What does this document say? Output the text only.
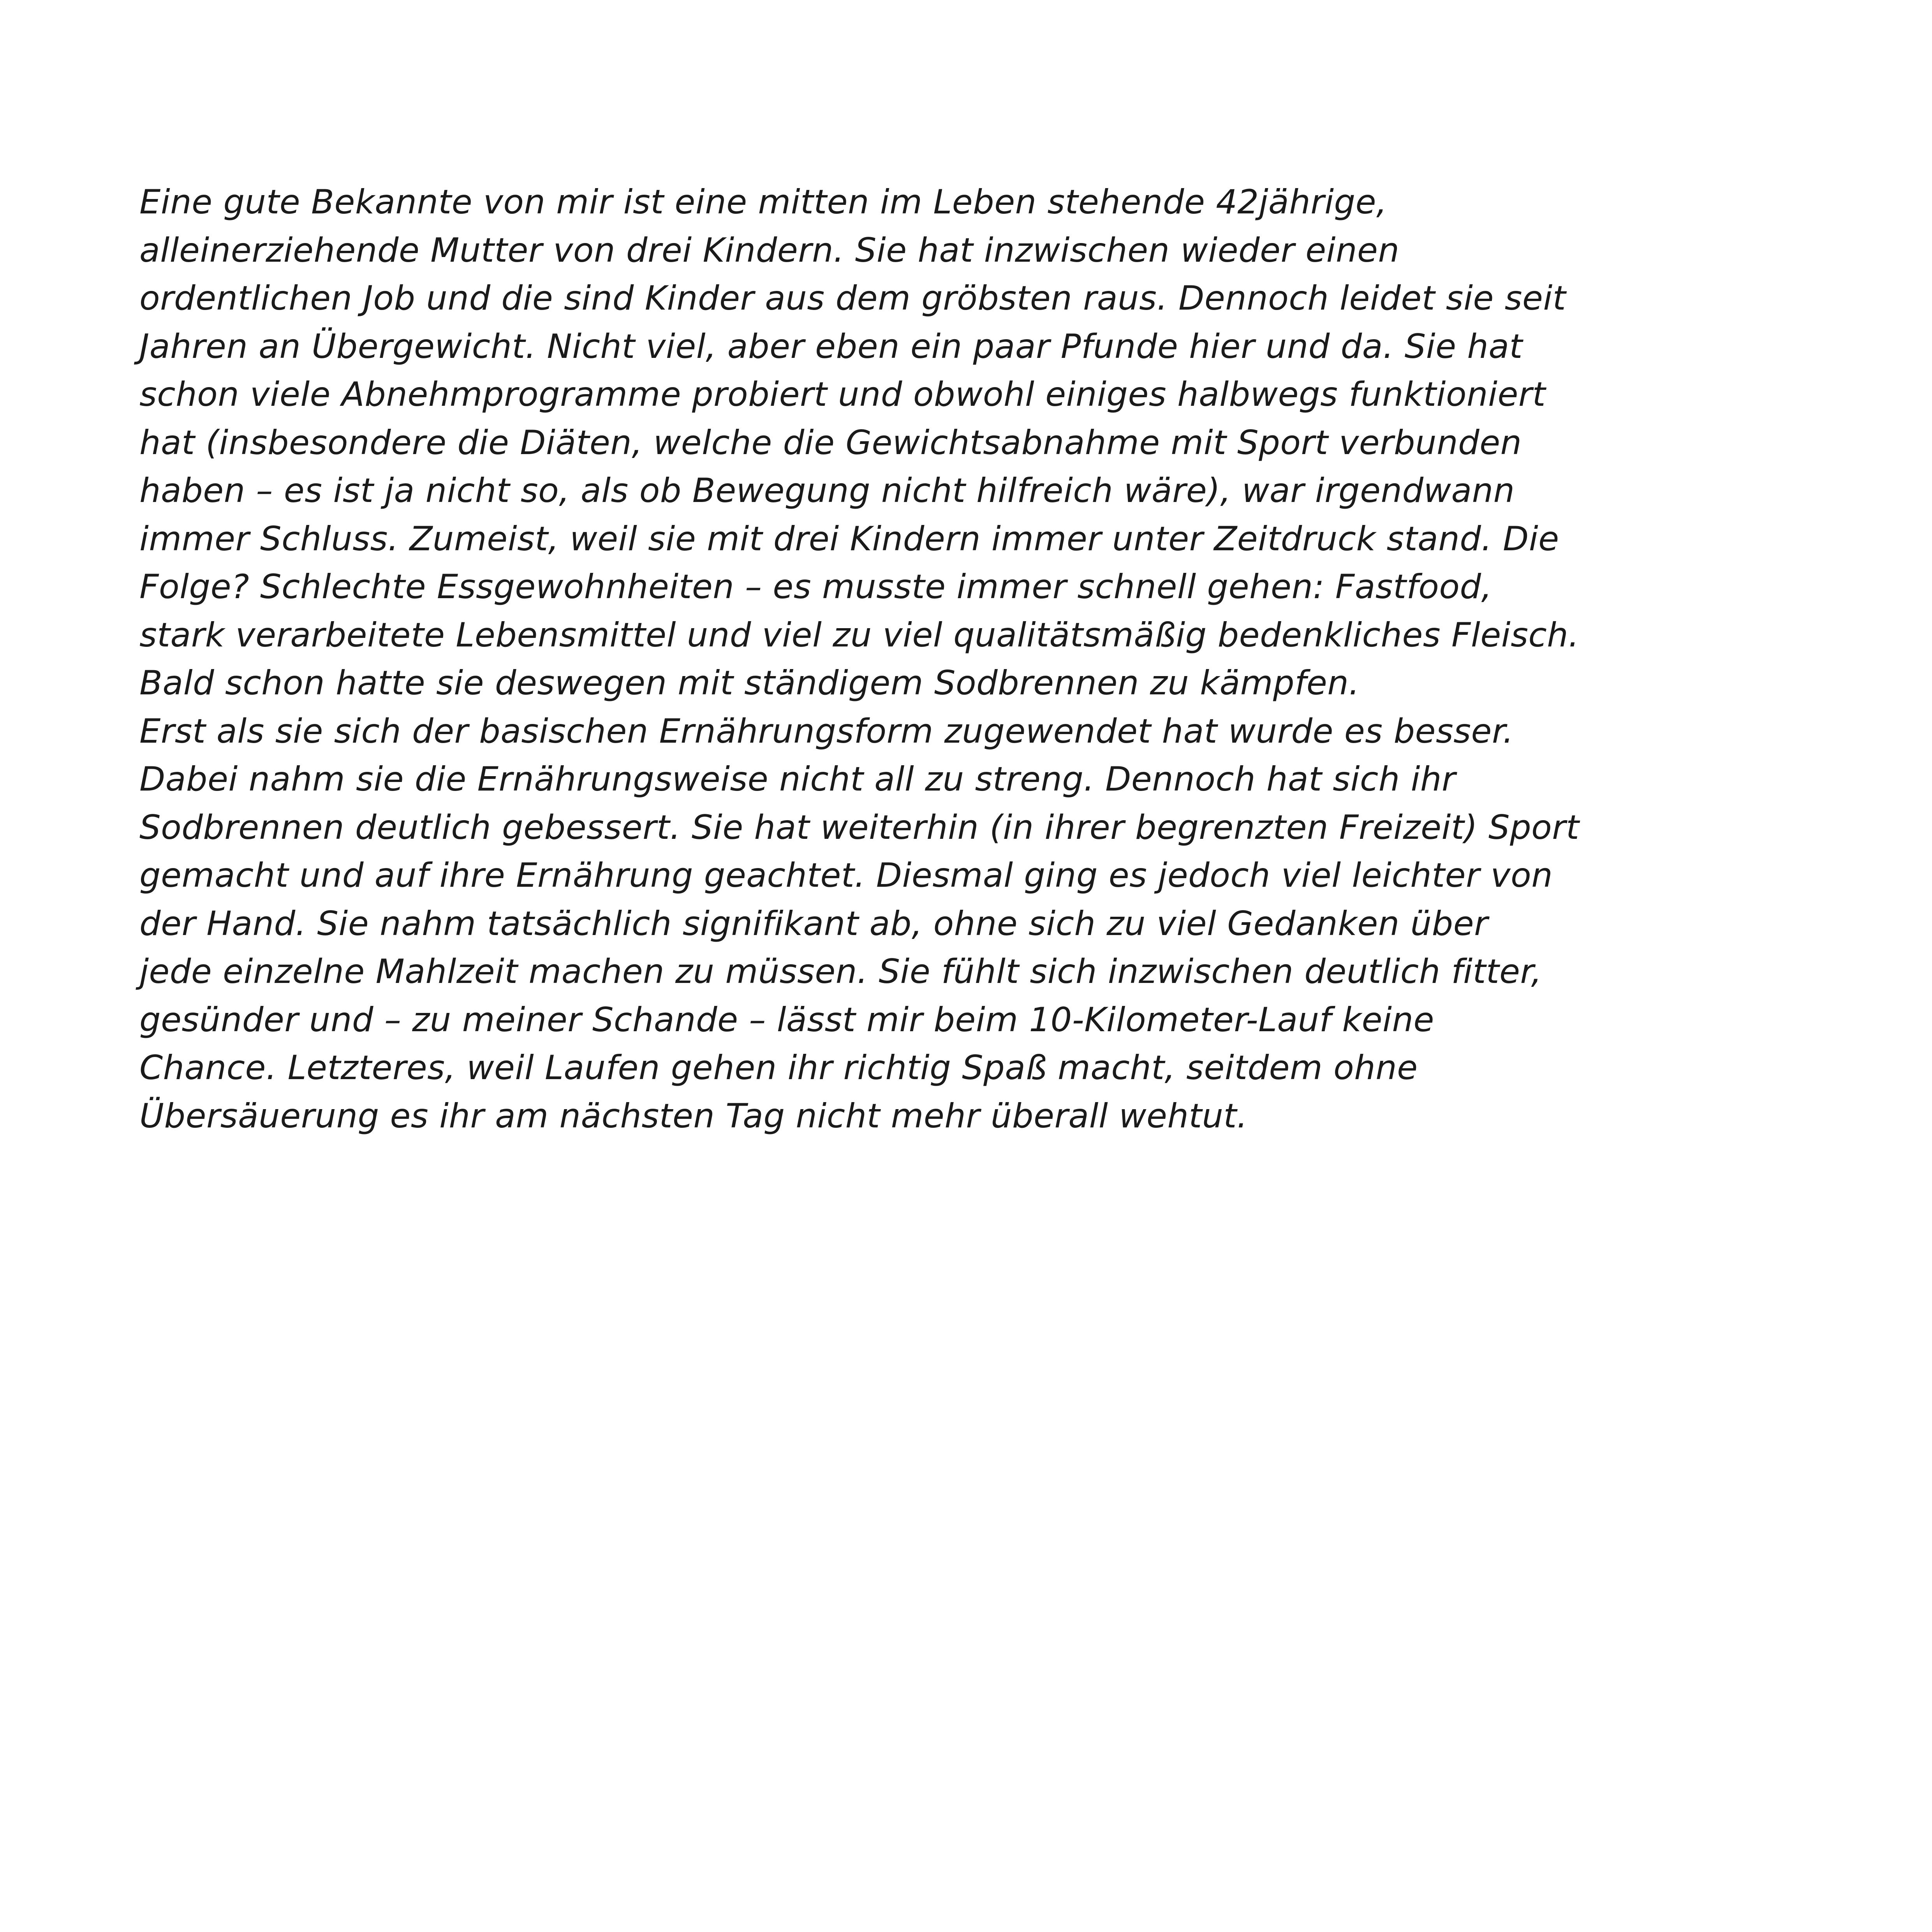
Eine gute Bekannte von mir ist eine mitten im Leben stehende 42jährige,
alleinerziehende Mutter von drei Kindern. Sie hat inzwischen wieder einen
ordentlichen Job und die sind Kinder aus dem gröbsten raus. Dennoch leidet sie seit
Jahren an Übergewicht. Nicht viel, aber eben ein paar Pfunde hier und da. Sie hat
schon viele Abnehmprogramme probiert und obwohl einiges halbwegs funktioniert
hat (insbesondere die Diäten, welche die Gewichtsabnahme mit Sport verbunden
haben – es ist ja nicht so, als ob Bewegung nicht hilfreich wäre), war irgendwann
immer Schluss. Zumeist, weil sie mit drei Kindern immer unter Zeitdruck stand. Die
Folge? Schlechte Essgewohnheiten – es musste immer schnell gehen: Fastfood,
stark verarbeitete Lebensmittel und viel zu viel qualitätsmäßig bedenkliches Fleisch.
Bald schon hatte sie deswegen mit ständigem Sodbrennen zu kämpfen.
Erst als sie sich der basischen Ernährungsform zugewendet hat wurde es besser.
Dabei nahm sie die Ernährungsweise nicht all zu streng. Dennoch hat sich ihr
Sodbrennen deutlich gebessert. Sie hat weiterhin (in ihrer begrenzten Freizeit) Sport
gemacht und auf ihre Ernährung geachtet. Diesmal ging es jedoch viel leichter von
der Hand. Sie nahm tatsächlich signifikant ab, ohne sich zu viel Gedanken über
jede einzelne Mahlzeit machen zu müssen. Sie fühlt sich inzwischen deutlich fitter,
gesünder und – zu meiner Schande – lässt mir beim 10-Kilometer-Lauf keine
Chance. Letzteres, weil Laufen gehen ihr richtig Spaß macht, seitdem ohne
Übersäuerung es ihr am nächsten Tag nicht mehr überall wehtut.
